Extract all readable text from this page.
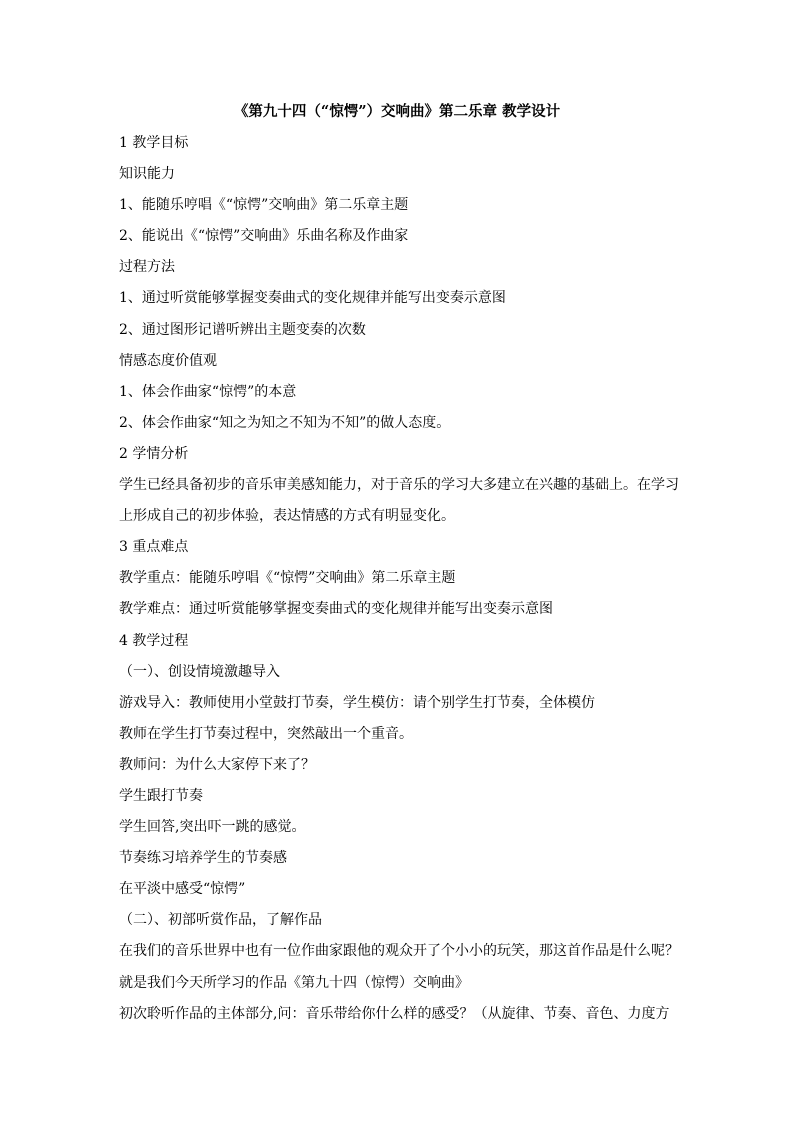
《第九十四（“惊愕”）交响曲》第二乐章 教学设计
1 教学目标
知识能力
1、能随乐哼唱《“惊愕”交响曲》第二乐章主题
2、能说出《“惊愕”交响曲》乐曲名称及作曲家
过程方法
1、通过听赏能够掌握变奏曲式的变化规律并能写出变奏示意图
2、通过图形记谱听辨出主题变奏的次数
情感态度价值观
1、体会作曲家“惊愕”的本意
2、体会作曲家“知之为知之不知为不知”的做人态度。
2 学情分析
学生已经具备初步的音乐审美感知能力，对于音乐的学习大多建立在兴趣的基础上。在学习
上形成自己的初步体验，表达情感的方式有明显变化。
3 重点难点
教学重点：能随乐哼唱《“惊愕”交响曲》第二乐章主题
教学难点：通过听赏能够掌握变奏曲式的变化规律并能写出变奏示意图
4 教学过程
（一）、创设情境激趣导入
游戏导入：教师使用小堂鼓打节奏，学生模仿：请个别学生打节奏，全体模仿
教师在学生打节奏过程中，突然敲出一个重音。
教师问：为什么大家停下来了？
学生跟打节奏
学生回答,突出吓一跳的感觉。
节奏练习培养学生的节奏感
在平淡中感受“惊愕”
（二）、初部听赏作品，了解作品
在我们的音乐世界中也有一位作曲家跟他的观众开了个小小的玩笑，那这首作品是什么呢？
就是我们今天所学习的作品《第九十四（惊愕）交响曲》
初次聆听作品的主体部分,问：音乐带给你什么样的感受？（从旋律、节奏、音色、力度方
